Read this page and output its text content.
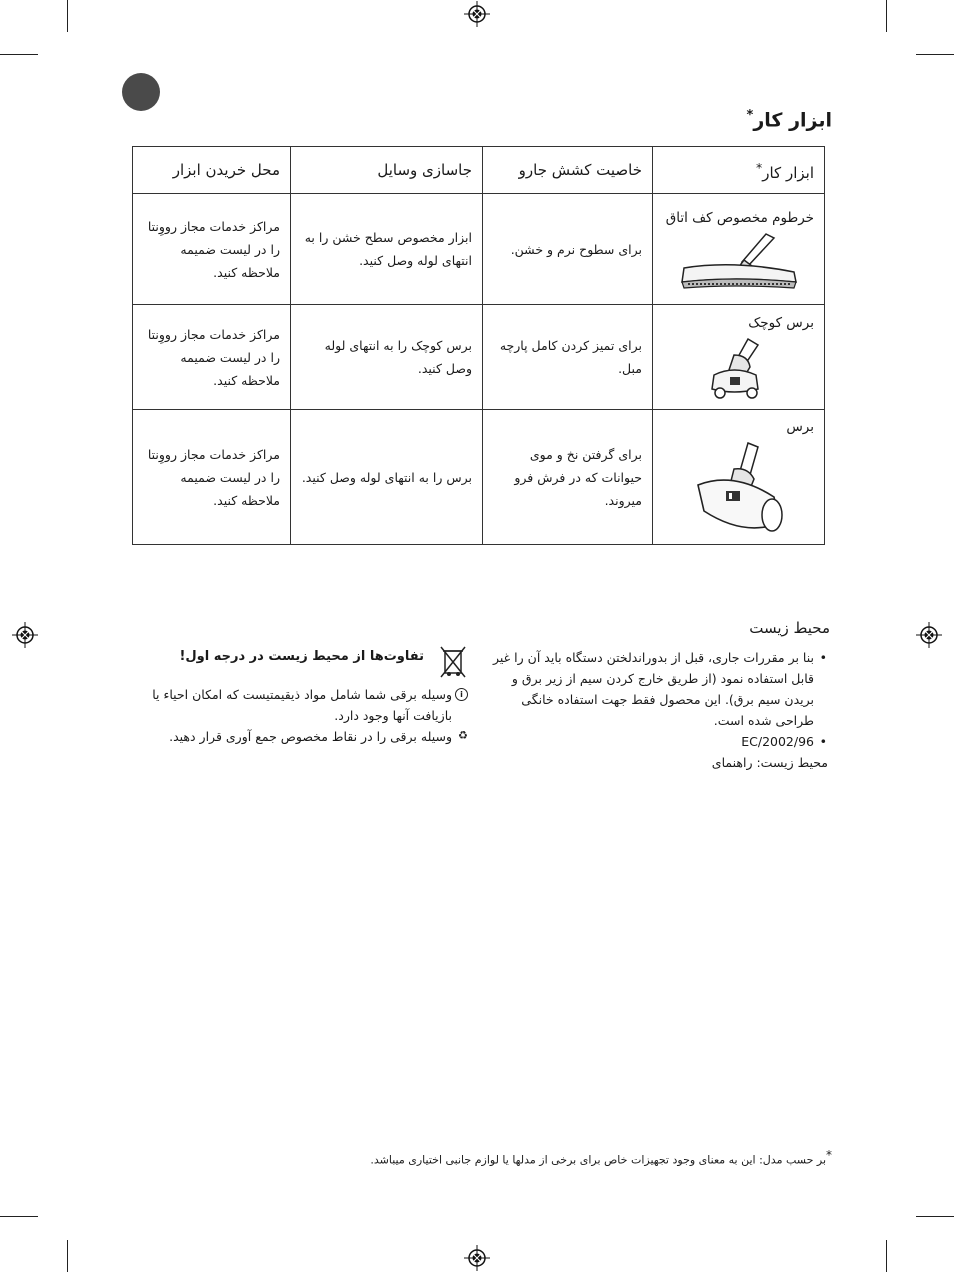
ابزار کار*
ابزار کار*	خاصیت کشش جارو	جاسازی وسایل	محل خریدن ابزار

خرطوم مخصوص کف اتاق	برای سطوح نرم و خشن.	ابزار مخصوص سطح خشن را به انتهای لوله وصل کنید.	مراکز خدمات مجاز رووِنتا را در لیست ضمیمه ملاحظه کنید.

برس کوچک	برای تمیز کردن کامل پارچه مبل.	برس کوچک را به انتهای لوله وصل کنید.	مراکز خدمات مجاز رووِنتا را در لیست ضمیمه ملاحظه کنید.

برس	برای گرفتن نخ و موی حیوانات که در فرش فرو میروند.	برس را به انتهای لوله وصل کنید.	مراکز خدمات مجاز رووِنتا را در لیست ضمیمه ملاحظه کنید.
محیط زیست
• بنا بر مقررات جاری، قبل از بدوراندلختن دستگاه باید آن را غیر قابل استفاده نمود (از طریق خارج کردن سیم از زیر برق و بریدن سیم برق). این محصول فقط جهت استفاده خانگی طراحی شده است.
• 2002/96/EC
محیط زیست: راهنمای
تفاوت‌ها از محیط زیست در درجه اول!
i
وسیله برقی شما شامل مواد ذیقیمتیست که امکان احیاء یا بازیافت آنها وجود دارد.
♻
وسیله برقی را در نقاط مخصوص جمع آوری قرار دهید.
*بر حسب مدل: این به معنای وجود تجهیزات خاص برای برخی از مدلها یا لوازم جانبی اختیاری میباشد.
